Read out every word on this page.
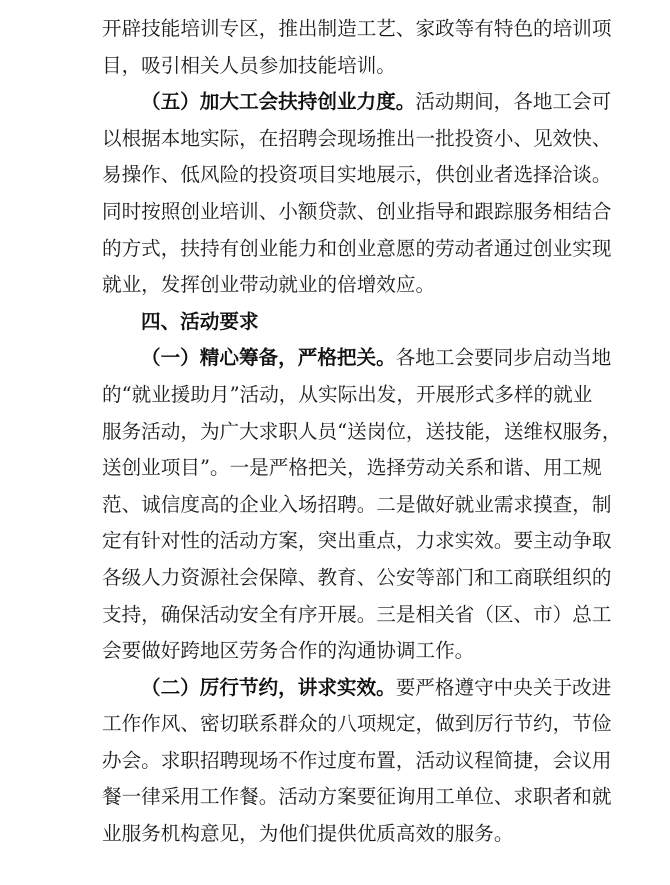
开辟技能培训专区，推出制造工艺、家政等有特色的培训项
目，吸引相关人员参加技能培训。
（五）加大工会扶持创业力度。活动期间，各地工会可
以根据本地实际，在招聘会现场推出一批投资小、见效快、
易操作、低风险的投资项目实地展示，供创业者选择洽谈。
同时按照创业培训、小额贷款、创业指导和跟踪服务相结合
的方式，扶持有创业能力和创业意愿的劳动者通过创业实现
就业，发挥创业带动就业的倍增效应。
四、活动要求
（一）精心筹备，严格把关。各地工会要同步启动当地
的“就业援助月”活动，从实际出发，开展形式多样的就业
服务活动，为广大求职人员“送岗位，送技能，送维权服务，
送创业项目”。一是严格把关，选择劳动关系和谐、用工规
范、诚信度高的企业入场招聘。二是做好就业需求摸查，制
定有针对性的活动方案，突出重点，力求实效。要主动争取
各级人力资源社会保障、教育、公安等部门和工商联组织的
支持，确保活动安全有序开展。三是相关省（区、市）总工
会要做好跨地区劳务合作的沟通协调工作。
（二）厉行节约，讲求实效。要严格遵守中央关于改进
工作作风、密切联系群众的八项规定，做到厉行节约，节俭
办会。求职招聘现场不作过度布置，活动议程简捷，会议用
餐一律采用工作餐。活动方案要征询用工单位、求职者和就
业服务机构意见，为他们提供优质高效的服务。
